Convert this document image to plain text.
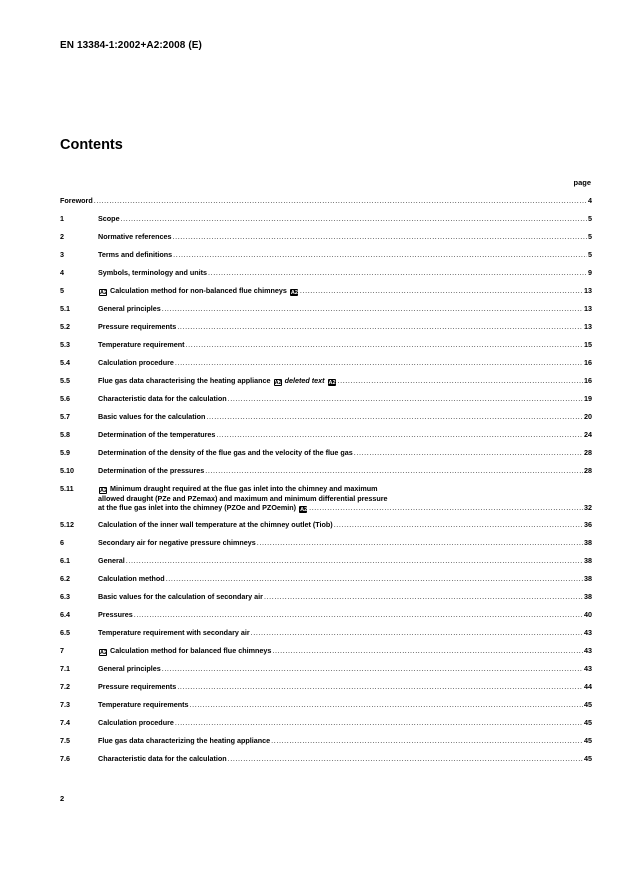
EN 13384-1:2002+A2:2008 (E)
Contents
page
Foreword .....	4
1	Scope .....	5
2	Normative references .....	5
3	Terms and definitions .....	5
4	Symbols, terminology and units .....	9
5	A2 Calculation method for non-balanced flue chimneys A2 .....	13
5.1	General principles .....	13
5.2	Pressure requirements .....	13
5.3	Temperature requirement .....	15
5.4	Calculation procedure .....	16
5.5	Flue gas data characterising the heating appliance A2 deleted text A2 .....	16
5.6	Characteristic data for the calculation .....	19
5.7	Basic values for the calculation .....	20
5.8	Determination of the temperatures .....	24
5.9	Determination of the density of the flue gas and the velocity of the flue gas .....	28
5.10	Determination of the pressures .....	28
5.11	A2 Minimum draught required at the flue gas inlet into the chimney and maximum
allowed draught (PZe and PZemax) and maximum and minimum differential pressure
at the flue gas inlet into the chimney (PZOe and PZOemin) A2 .....	32
5.12	Calculation of the inner wall temperature at the chimney outlet (Tiob) .....	36
6	Secondary air for negative pressure chimneys .....	38
6.1	General .....	38
6.2	Calculation method .....	38
6.3	Basic values for the calculation of secondary air .....	38
6.4	Pressures .....	40
6.5	Temperature requirement with secondary air .....	43
7	A2 Calculation method for balanced flue chimneys .....	43
7.1	General principles .....	43
7.2	Pressure requirements .....	44
7.3	Temperature requirements .....	45
7.4	Calculation procedure .....	45
7.5	Flue gas data characterizing the heating appliance .....	45
7.6	Characteristic data for the calculation .....	45
2
